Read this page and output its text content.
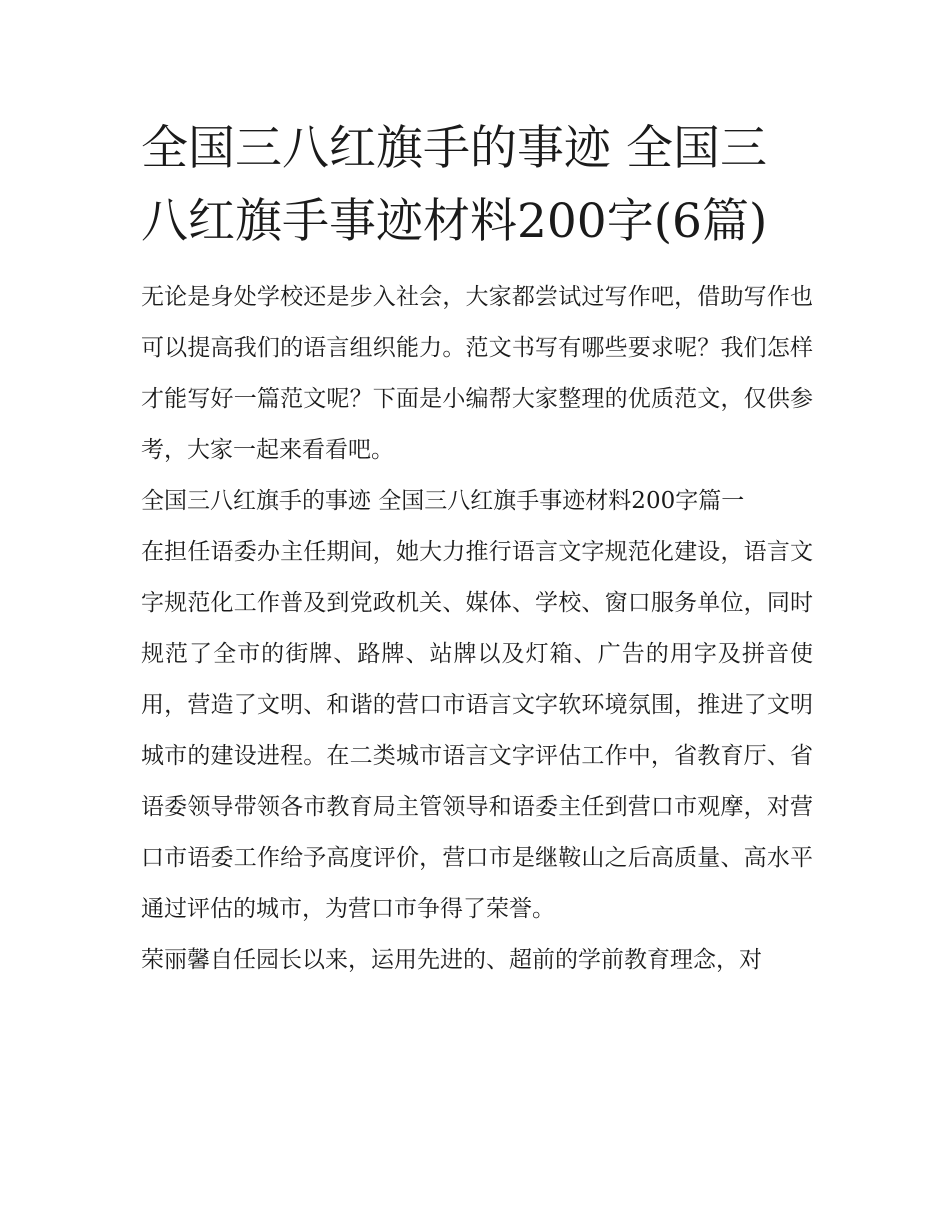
全国三八红旗手的事迹 全国三八红旗手事迹材料200字(6篇)

无论是身处学校还是步入社会，大家都尝试过写作吧，借助写作也可以提高我们的语言组织能力。范文书写有哪些要求呢？我们怎样才能写好一篇范文呢？下面是小编帮大家整理的优质范文，仅供参考，大家一起来看看吧。

全国三八红旗手的事迹 全国三八红旗手事迹材料200字篇一

在担任语委办主任期间，她大力推行语言文字规范化建设，语言文字规范化工作普及到党政机关、媒体、学校、窗口服务单位，同时规范了全市的街牌、路牌、站牌以及灯箱、广告的用字及拼音使用，营造了文明、和谐的营口市语言文字软环境氛围，推进了文明城市的建设进程。在二类城市语言文字评估工作中，省教育厅、省语委领导带领各市教育局主管领导和语委主任到营口市观摩，对营口市语委工作给予高度评价，营口市是继鞍山之后高质量、高水平通过评估的城市，为营口市争得了荣誉。

荣丽馨自任园长以来，运用先进的、超前的学前教育理念，对
